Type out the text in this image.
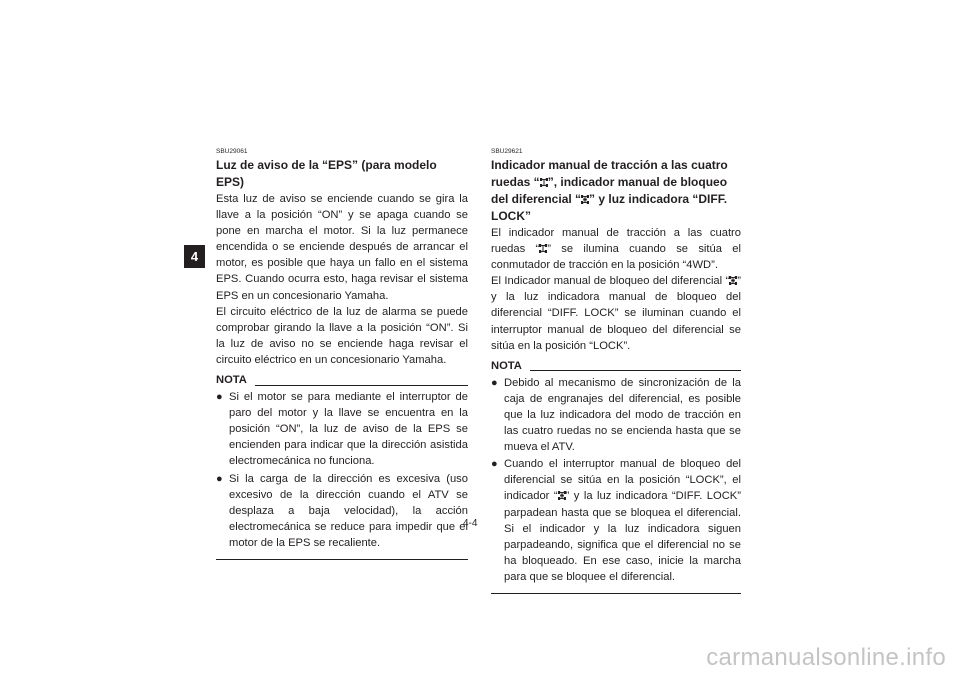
4
SBU29061
Luz de aviso de la “EPS” (para modelo EPS)

Esta luz de aviso se enciende cuando se gira la llave a la posición “ON” y se apaga cuando se pone en marcha el motor. Si la luz permanece encendida o se enciende después de arrancar el motor, es posible que haya un fallo en el sistema EPS. Cuando ocurra esto, haga revisar el sistema EPS en un concesionario Yamaha.

El circuito eléctrico de la luz de alarma se puede comprobar girando la llave a la posición “ON”. Si la luz de aviso no se enciende haga revisar el circuito eléctrico en un concesionario Yamaha.

NOTA
● Si el motor se para mediante el interruptor de paro del motor y la llave se encuentra en la posición “ON”, la luz de aviso de la EPS se encienden para indicar que la dirección asistida electromecánica no funciona.
● Si la carga de la dirección es excesiva (uso excesivo de la dirección cuando el ATV se desplaza a baja velocidad), la acción electromecánica se reduce para impedir que el motor de la EPS se recaliente.
SBU29621
Indicador manual de tracción a las cuatro ruedas “ ”, indicador manual de bloqueo del diferencial “ ” y luz indicadora “DIFF. LOCK”

El indicador manual de tracción a las cuatro ruedas “ ” se ilumina cuando se sitúa el conmutador de tracción en la posición “4WD”.

El Indicador manual de bloqueo del diferencial “ ” y la luz indicadora manual de bloqueo del diferencial “DIFF. LOCK” se iluminan cuando el interruptor manual de bloqueo del diferencial se sitúa en la posición “LOCK”.

NOTA
● Debido al mecanismo de sincronización de la caja de engranajes del diferencial, es posible que la luz indicadora del modo de tracción en las cuatro ruedas no se encienda hasta que se mueva el ATV.
● Cuando el interruptor manual de bloqueo del diferencial se sitúa en la posición “LOCK”, el indicador “ ” y la luz indicadora “DIFF. LOCK” parpadean hasta que se bloquea el diferencial. Si el indicador y la luz indicadora siguen parpadeando, significa que el diferencial no se ha bloqueado. En ese caso, inicie la marcha para que se bloquee el diferencial.
4-4
carmanualsonline.info
